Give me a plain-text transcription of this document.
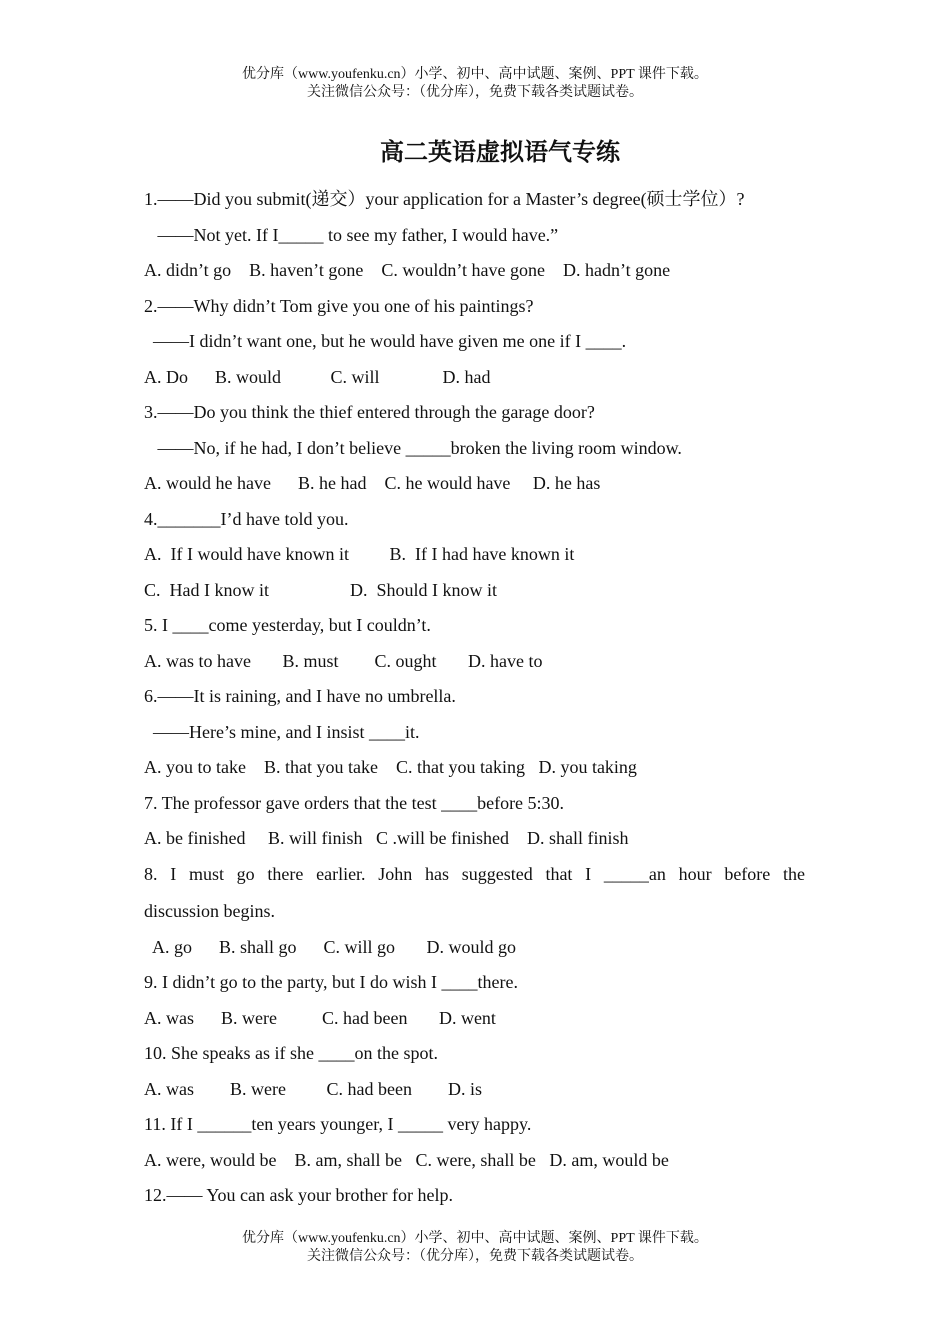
优分库（www.youfenku.cn）小学、初中、高中试题、案例、PPT 课件下载。
关注微信公众号：（优分库），免费下载各类试题试卷。
高二英语虚拟语气专练
1.——Did you submit(递交）your application for a Master’s degree(硕士学位）?
——Not yet. If I_____ to see my father, I would have.”
A. didn’t go    B. haven’t gone    C. wouldn’t have gone    D. hadn’t gone
2.——Why didn’t Tom give you one of his paintings?
——I didn’t want one, but he would have given me one if I ____.
A. Do      B. would           C. will              D. had
3.——Do you think the thief entered through the garage door?
——No, if he had, I don’t believe _____broken the living room window.
A. would he have      B. he had    C. he would have     D. he has
4._______I’d have told you.
A.  If I would have known it         B.  If I had have known it
C.  Had I know it                  D.  Should I know it
5. I ____come yesterday, but I couldn’t.
A. was to have       B. must        C. ought       D. have to
6.——It is raining, and I have no umbrella.
——Here’s mine, and I insist ____it.
A. you to take    B. that you take    C. that you taking   D. you taking
7. The professor gave orders that the test ____before 5:30.
A. be finished     B. will finish   C .will be finished    D. shall finish
8. I must go there earlier. John has suggested that I _____an hour before the
discussion begins.
A. go      B. shall go      C. will go       D. would go
9. I didn’t go to the party, but I do wish I ____there.
A. was      B. were          C. had been       D. went
10. She speaks as if she ____on the spot.
A. was        B. were         C. had been        D. is
11. If I ______ten years younger, I _____ very happy.
A. were, would be    B. am, shall be   C. were, shall be   D. am, would be
12.—— You can ask your brother for help.
优分库（www.youfenku.cn）小学、初中、高中试题、案例、PPT 课件下载。
关注微信公众号：（优分库），免费下载各类试题试卷。
